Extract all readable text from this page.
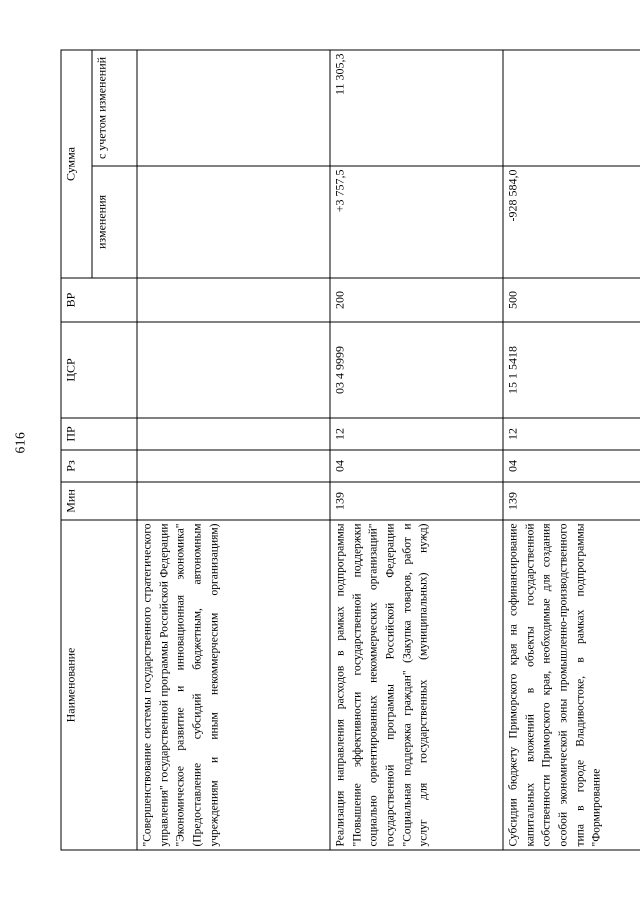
616
Наименование	Мин	Рз	ПР	ЦСР	ВР	Сумма	
						изменения	с учетом изменений
"Совершенствование системы государственного стратегического управления" государственной программы Российской Федерации "Экономическое развитие и инновационная экономика" (Предоставление субсидий бюджетным, автономным учреждениям и иным некоммерческим организациям)							
Реализация направления расходов в рамках подпрограммы "Повышение эффективности государственной поддержки социально ориентированных некоммерческих организаций" государственной программы Российской Федерации "Социальная поддержка граждан" (Закупка товаров, работ и услуг для государственных (муниципальных) нужд)	139	04	12	03 4 9999	200	+3 757,5	11 305,3
Субсидии бюджету Приморского края на софинансирование капитальных вложений в объекты государственной собственности Приморского края, необходимые для создания особой экономической зоны промышленно-производственного типа в городе Владивостоке, в рамках подпрограммы "Формирование	139	04	12	15 1 5418	500	-928 584,0	
